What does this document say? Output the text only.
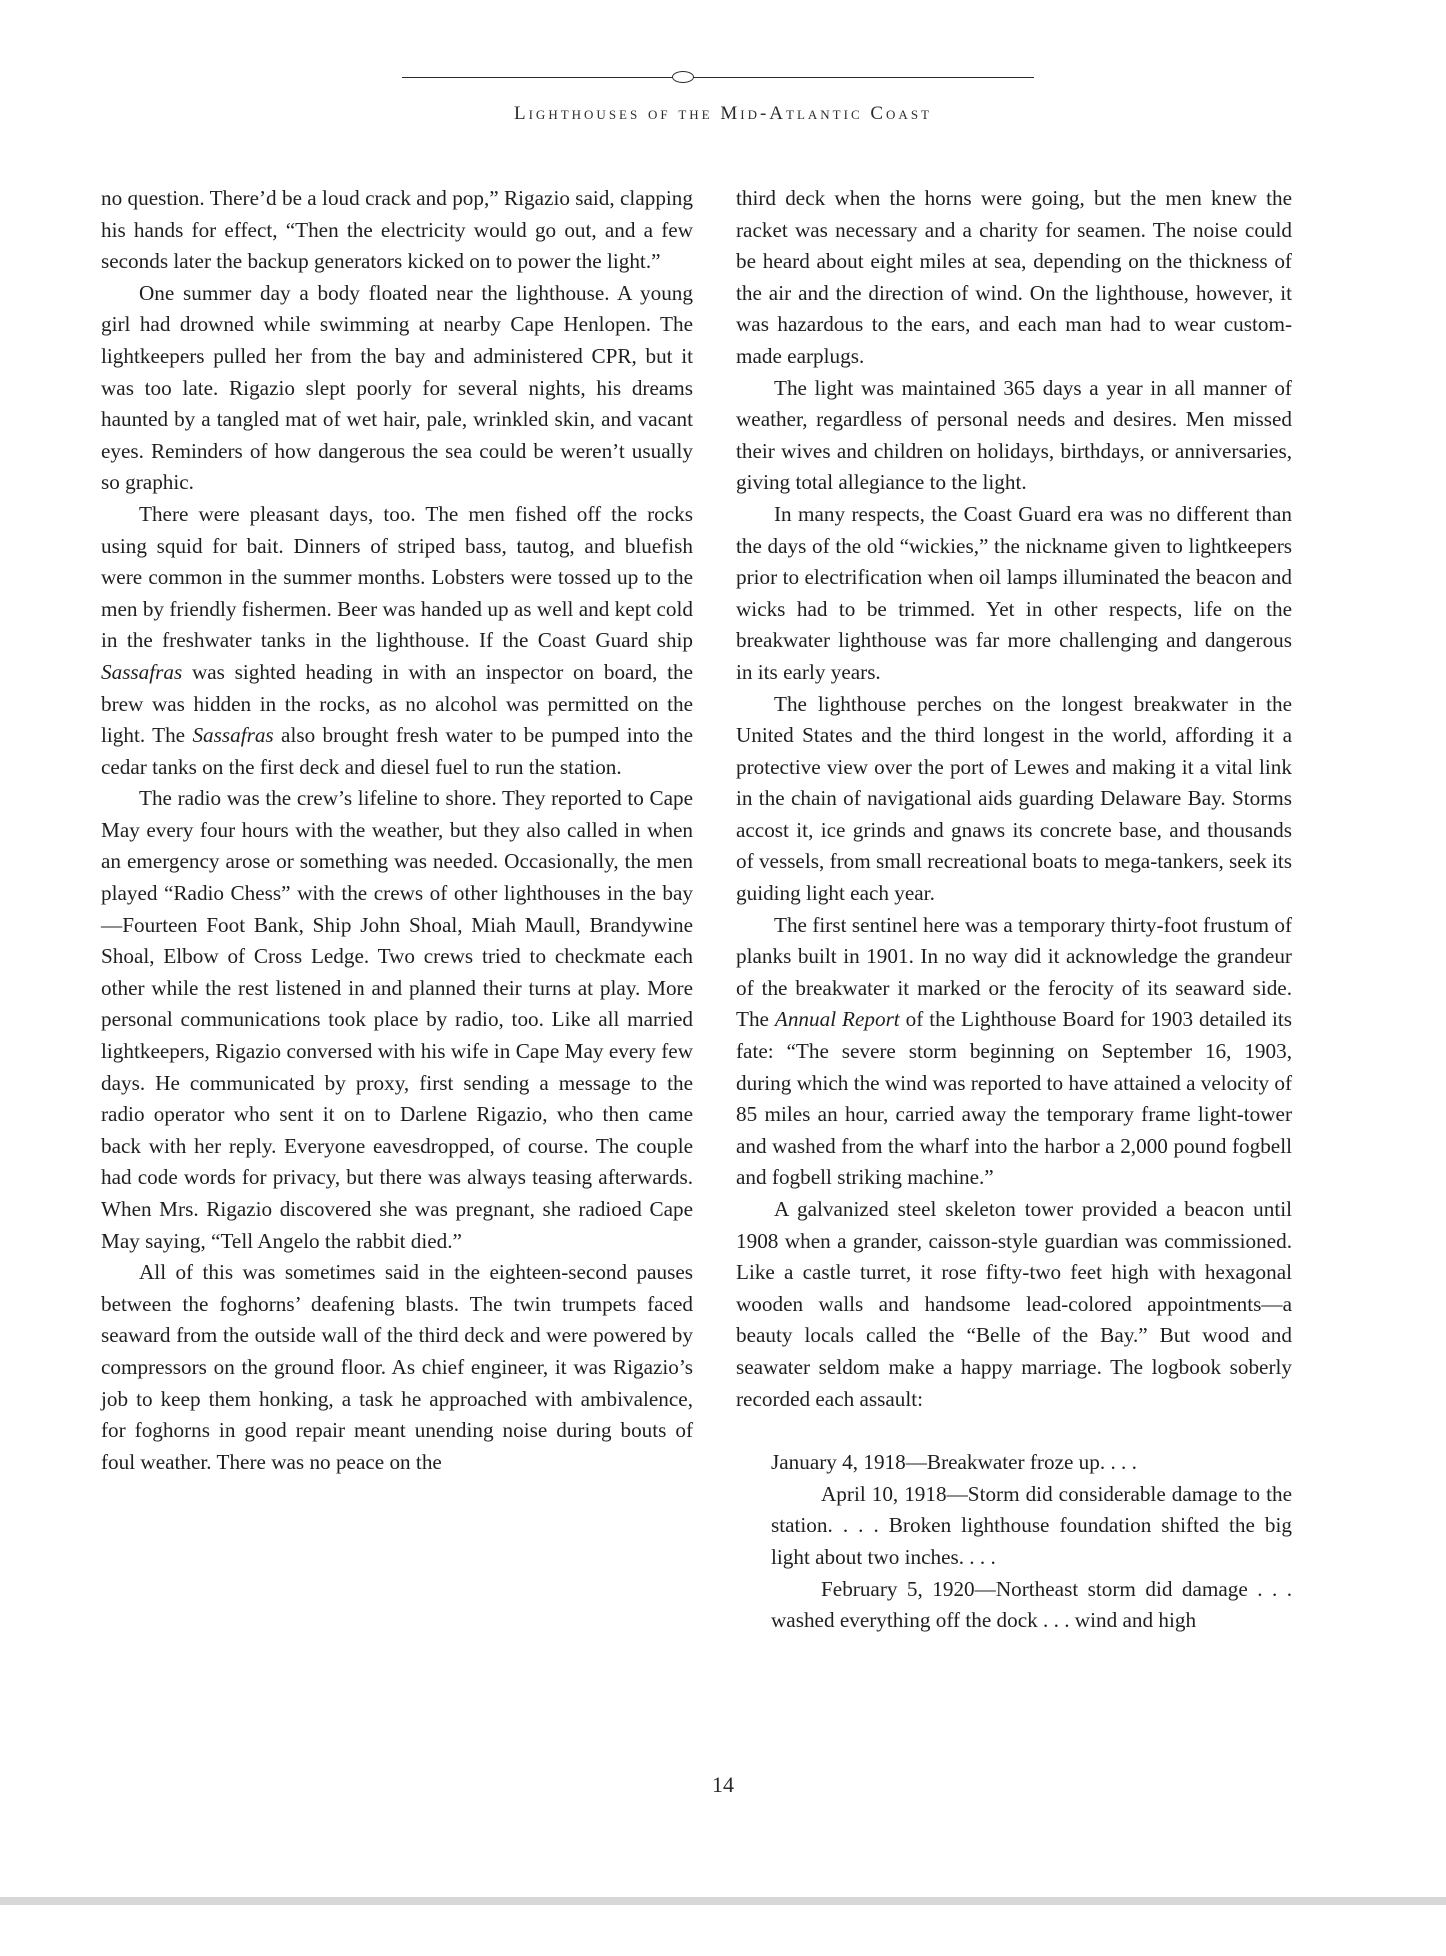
Lighthouses of the Mid-Atlantic Coast

no question. There’d be a loud crack and pop,” Rigazio said, clapping his hands for effect, “Then the electricity would go out, and a few seconds later the backup generators kicked on to power the light.”

One summer day a body floated near the lighthouse. A young girl had drowned while swimming at nearby Cape Henlopen. The lightkeepers pulled her from the bay and administered CPR, but it was too late. Rigazio slept poorly for several nights, his dreams haunted by a tangled mat of wet hair, pale, wrinkled skin, and vacant eyes. Reminders of how dangerous the sea could be weren’t usually so graphic.

There were pleasant days, too. The men fished off the rocks using squid for bait. Dinners of striped bass, tautog, and bluefish were common in the summer months. Lobsters were tossed up to the men by friendly fishermen. Beer was handed up as well and kept cold in the freshwater tanks in the lighthouse. If the Coast Guard ship Sassafras was sighted heading in with an inspector on board, the brew was hidden in the rocks, as no alcohol was permitted on the light. The Sassafras also brought fresh water to be pumped into the cedar tanks on the first deck and diesel fuel to run the station.

The radio was the crew’s lifeline to shore. They reported to Cape May every four hours with the weather, but they also called in when an emergency arose or something was needed. Occasionally, the men played “Radio Chess” with the crews of other lighthouses in the bay—Fourteen Foot Bank, Ship John Shoal, Miah Maull, Brandywine Shoal, Elbow of Cross Ledge. Two crews tried to checkmate each other while the rest listened in and planned their turns at play. More personal communications took place by radio, too. Like all married lightkeepers, Rigazio conversed with his wife in Cape May every few days. He communicated by proxy, first sending a message to the radio operator who sent it on to Darlene Rigazio, who then came back with her reply. Everyone eavesdropped, of course. The couple had code words for privacy, but there was always teasing afterwards. When Mrs. Rigazio discovered she was pregnant, she radioed Cape May saying, “Tell Angelo the rabbit died.”

All of this was sometimes said in the eighteen-second pauses between the foghorns’ deafening blasts. The twin trumpets faced seaward from the outside wall of the third deck and were powered by compressors on the ground floor. As chief engineer, it was Rigazio’s job to keep them honking, a task he approached with ambivalence, for foghorns in good repair meant unending noise during bouts of foul weather. There was no peace on the

third deck when the horns were going, but the men knew the racket was necessary and a charity for seamen. The noise could be heard about eight miles at sea, depending on the thickness of the air and the direction of wind. On the lighthouse, however, it was hazardous to the ears, and each man had to wear custom-made earplugs.

The light was maintained 365 days a year in all manner of weather, regardless of personal needs and desires. Men missed their wives and children on holidays, birthdays, or anniversaries, giving total allegiance to the light.

In many respects, the Coast Guard era was no different than the days of the old “wickies,” the nickname given to lightkeepers prior to electrification when oil lamps illuminated the beacon and wicks had to be trimmed. Yet in other respects, life on the breakwater lighthouse was far more challenging and dangerous in its early years.

The lighthouse perches on the longest breakwater in the United States and the third longest in the world, affording it a protective view over the port of Lewes and making it a vital link in the chain of navigational aids guarding Delaware Bay. Storms accost it, ice grinds and gnaws its concrete base, and thousands of vessels, from small recreational boats to mega-tankers, seek its guiding light each year.

The first sentinel here was a temporary thirty-foot frustum of planks built in 1901. In no way did it acknowledge the grandeur of the breakwater it marked or the ferocity of its seaward side. The Annual Report of the Lighthouse Board for 1903 detailed its fate: “The severe storm beginning on September 16, 1903, during which the wind was reported to have attained a velocity of 85 miles an hour, carried away the temporary frame light-tower and washed from the wharf into the harbor a 2,000 pound fogbell and fogbell striking machine.”

A galvanized steel skeleton tower provided a beacon until 1908 when a grander, caisson-style guardian was commissioned. Like a castle turret, it rose fifty-two feet high with hexagonal wooden walls and handsome lead-colored appointments—a beauty locals called the “Belle of the Bay.” But wood and seawater seldom make a happy marriage. The logbook soberly recorded each assault:

January 4, 1918—Breakwater froze up. . . .

April 10, 1918—Storm did considerable damage to the station. . . . Broken lighthouse foundation shifted the big light about two inches. . . .

February 5, 1920—Northeast storm did damage . . . washed everything off the dock . . . wind and high

14
